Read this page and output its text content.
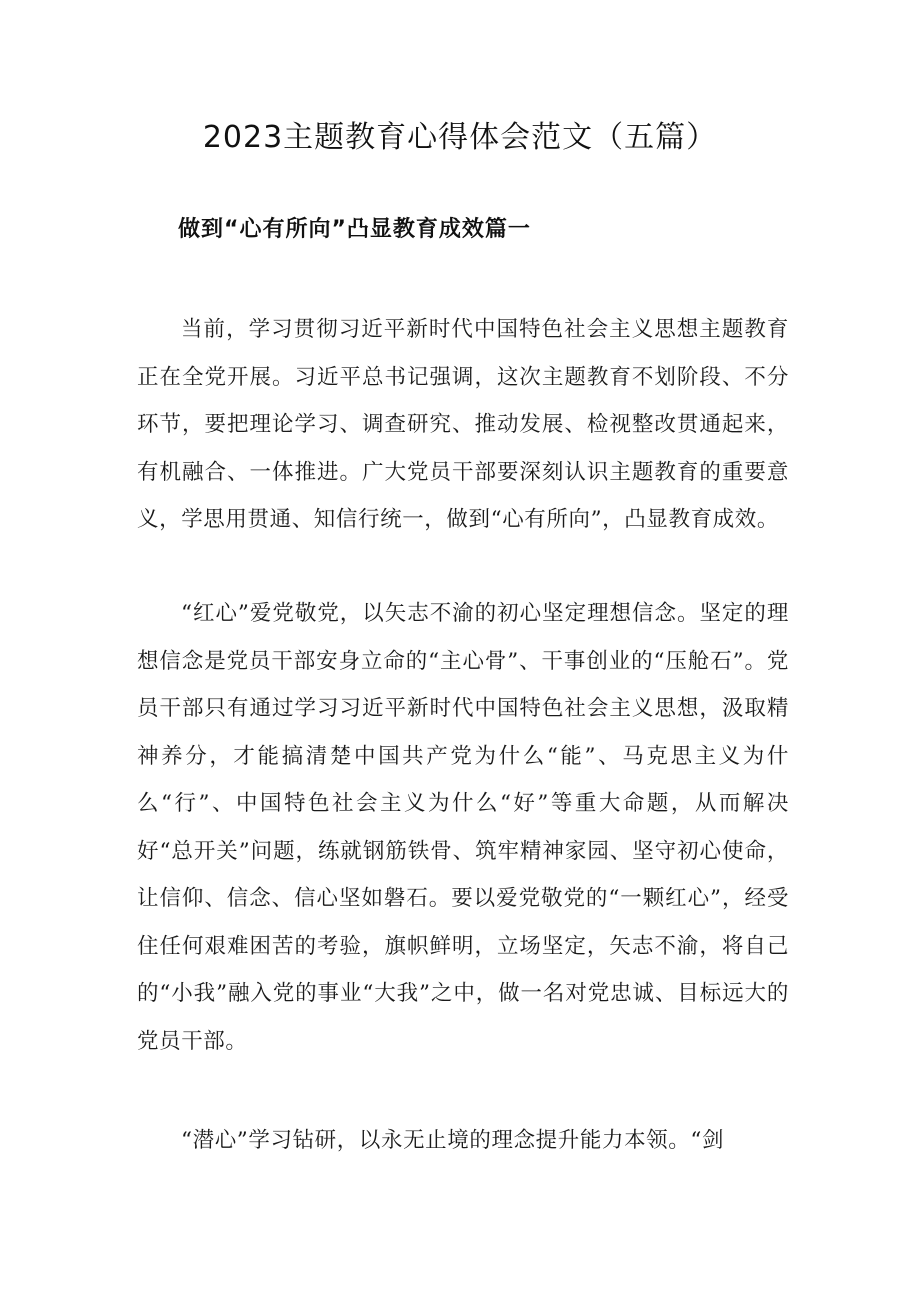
2023主题教育心得体会范文（五篇）
做到“心有所向”凸显教育成效篇一

当前，学习贯彻习近平新时代中国特色社会主义思想主题教育正在全党开展。习近平总书记强调，这次主题教育不划阶段、不分环节，要把理论学习、调查研究、推动发展、检视整改贯通起来，有机融合、一体推进。广大党员干部要深刻认识主题教育的重要意义，学思用贯通、知信行统一，做到“心有所向”，凸显教育成效。

“红心”爱党敬党，以矢志不渝的初心坚定理想信念。坚定的理想信念是党员干部安身立命的“主心骨”、干事创业的“压舱石”。党员干部只有通过学习习近平新时代中国特色社会主义思想，汲取精神养分，才能搞清楚中国共产党为什么“能”、马克思主义为什么“行”、中国特色社会主义为什么“好”等重大命题，从而解决好“总开关”问题，练就钢筋铁骨、筑牢精神家园、坚守初心使命，让信仰、信念、信心坚如磐石。要以爱党敬党的“一颗红心”，经受住任何艰难困苦的考验，旗帜鲜明，立场坚定，矢志不渝，将自己的“小我”融入党的事业“大我”之中，做一名对党忠诚、目标远大的党员干部。

“潜心”学习钻研，以永无止境的理念提升能力本领。“剑
